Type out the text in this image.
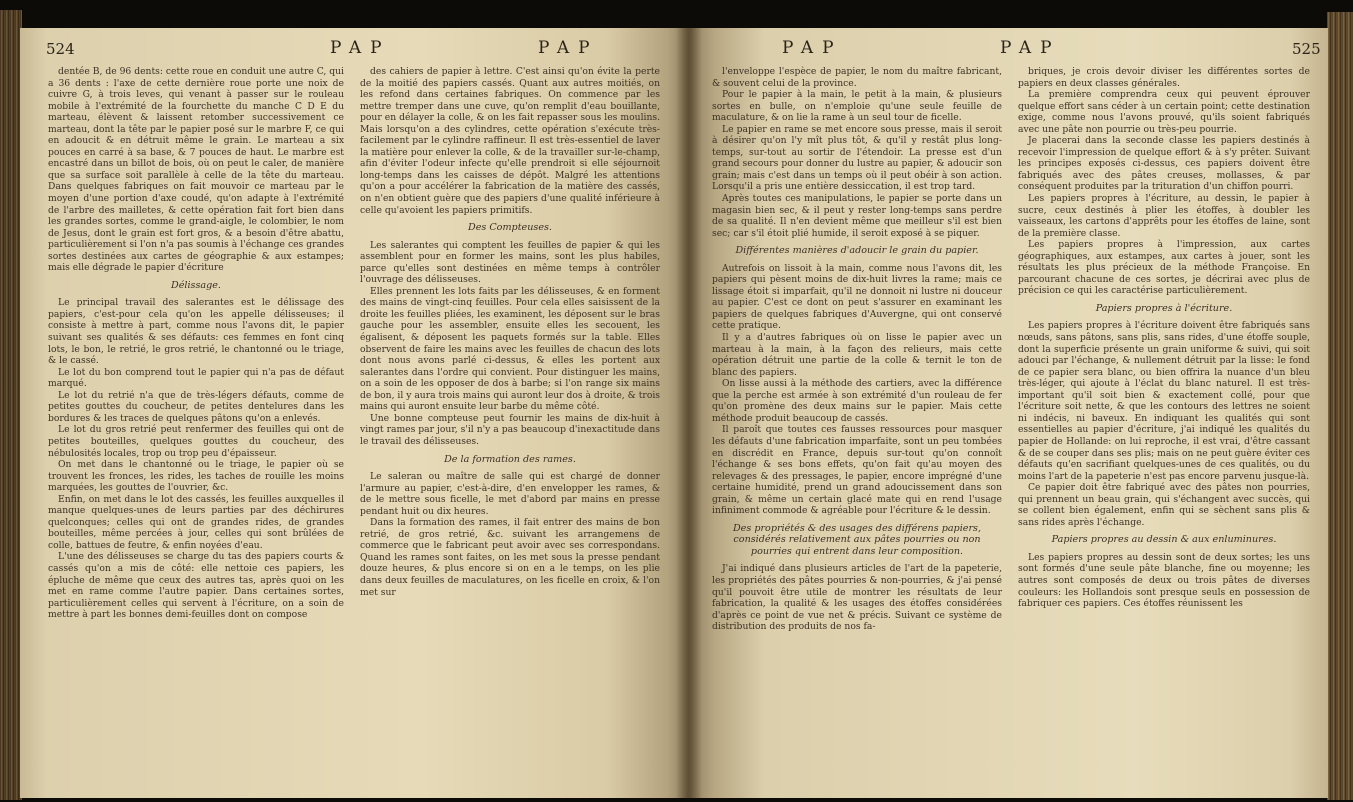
524	PAP	PAP	PAP	PAP	525

dentée B, de 96 dents: cette roue en conduit une autre C, qui a 36 dents : l'axe de cette dernière roue porte une noix de cuivre G, à trois leves, qui venant à passer sur le rouleau mobile à l'extrémité de la fourchette du manche C D E du marteau, élèvent & laissent retomber successivement ce marteau, dont la tête par le papier posé sur le marbre F, ce qui en adoucit & en détruit même le grain. Le marteau a six pouces en carré à sa base, & 7 pouces de haut. Le marbre est encastré dans un billot de bois, où on peut le caler, de manière que sa surface soit parallèle à celle de la tête du marteau. Dans quelques fabriques on fait mouvoir ce marteau par le moyen d'une portion d'axe coudé, qu'on adapte à l'extrémité de l'arbre des mailletes, & cette opération fait fort bien dans les grandes sortes, comme le grand-aigle, le colombier, le nom de Jesus, dont le grain est fort gros, & a besoin d'être abattu, particulièrement si l'on n'a pas soumis à l'échange ces grandes sortes destinées aux cartes de géographie & aux estampes; mais elle dégrade le papier d'écriture

Délissage.

Le principal travail des salerantes est le délissage des papiers, c'est-pour cela qu'on les appelle délisseuses; il consiste à mettre à part, comme nous l'avons dit, le papier suivant ses qualités & ses défauts: ces femmes en font cinq lots, le bon, le retrié, le gros retrié, le chantonné ou le triage, & le cassé.

Le lot du bon comprend tout le papier qui n'a pas de défaut marqué.

Le lot du retrié n'a que de très-légers défauts, comme de petites gouttes du coucheur, de petites dentelures dans les bordures & les traces de quelques pâtons qu'on a enlevés.

Le lot du gros retrié peut renfermer des feuilles qui ont de petites bouteilles, quelques gouttes du coucheur, des nébulosités locales, trop ou trop peu d'épaisseur.

On met dans le chantonné ou le triage, le papier où se trouvent les fronces, les rides, les taches de rouille les moins marquées, les gouttes de l'ouvrier, &c.

Enfin, on met dans le lot des cassés, les feuilles auxquelles il manque quelques-unes de leurs parties par des déchirures quelconques; celles qui ont de grandes rides, de grandes bouteilles, même percées à jour, celles qui sont brûlées de colle, battues de feutre, & enfin noyées d'eau.

L'une des délisseuses se charge du tas des papiers courts & cassés qu'on a mis de côté: elle nettoie ces papiers, les épluche de même que ceux des autres tas, après quoi on les met en rame comme l'autre papier. Dans certaines sortes, particulièrement celles qui servent à l'écriture, on a soin de mettre à part les bonnes demi-feuilles dont on compose

des cahiers de papier à lettre. C'est ainsi qu'on évite la perte de la moitié des papiers cassés. Quant aux autres moitiés, on les refond dans certaines fabriques. On commence par les mettre tremper dans une cuve, qu'on remplit d'eau bouillante, pour en délayer la colle, & on les fait repasser sous les moulins. Mais lorsqu'on a des cylindres, cette opération s'exécute très-facilement par le cylindre raffineur. Il est très-essentiel de laver la matière pour enlever la colle, & de la travailler sur-le-champ, afin d'éviter l'odeur infecte qu'elle prendroit si elle séjournoit long-temps dans les caisses de dépôt. Malgré les attentions qu'on a pour accélérer la fabrication de la matière des cassés, on n'en obtient guère que des papiers d'une qualité inférieure à celle qu'avoient les papiers primitifs.

Des Compteuses.

Les salerantes qui comptent les feuilles de papier & qui les assemblent pour en former les mains, sont les plus habiles, parce qu'elles sont destinées en même temps à contrôler l'ouvrage des délisseuses.

Elles prennent les lots faits par les délisseuses, & en forment des mains de vingt-cinq feuilles. Pour cela elles saisissent de la droite les feuilles pliées, les examinent, les déposent sur le bras gauche pour les assembler, ensuite elles les secouent, les égalisent, & déposent les paquets formés sur la table. Elles observent de faire les mains avec les feuilles de chacun des lots dont nous avons parlé ci-dessus, & elles les portent aux salerantes dans l'ordre qui convient. Pour distinguer les mains, on a soin de les opposer de dos à barbe; si l'on range six mains de bon, il y aura trois mains qui auront leur dos à droite, & trois mains qui auront ensuite leur barbe du même côté.

Une bonne compteuse peut fournir les mains de dix-huit à vingt rames par jour, s'il n'y a pas beaucoup d'inexactitude dans le travail des délisseuses.

De la formation des rames.

Le saleran ou maître de salle qui est chargé de donner l'armure au papier, c'est-à-dire, d'en envelopper les rames, & de le mettre sous ficelle, le met d'abord par mains en presse pendant huit ou dix heures.

Dans la formation des rames, il fait entrer des mains de bon retrié, de gros retrié, &c. suivant les arrangemens de commerce que le fabricant peut avoir avec ses correspondans. Quand les rames sont faites, on les met sous la presse pendant douze heures, & plus encore si on en a le temps, on les plie dans deux feuilles de maculatures, on les ficelle en croix, & l'on met sur

l'enveloppe l'espèce de papier, le nom du maître fabricant, & souvent celui de la province.

Pour le papier à la main, le petit à la main, & plusieurs sortes en bulle, on n'emploie qu'une seule feuille de maculature, & on lie la rame à un seul tour de ficelle.

Le papier en rame se met encore sous presse, mais il seroit à désirer qu'on l'y mît plus tôt, & qu'il y restât plus long-temps, sur-tout au sortir de l'étendoir. La presse est d'un grand secours pour donner du lustre au papier, & adoucir son grain; mais c'est dans un temps où il peut obéir à son action. Lorsqu'il a pris une entière dessiccation, il est trop tard.

Après toutes ces manipulations, le papier se porte dans un magasin bien sec, & il peut y rester long-temps sans perdre de sa qualité. Il n'en devient même que meilleur s'il est bien sec; car s'il étoit plié humide, il seroit exposé à se piquer.

Différentes manières d'adoucir le grain du papier.

Autrefois on lissoit à la main, comme nous l'avons dit, les papiers qui pèsent moins de dix-huit livres la rame; mais ce lissage étoit si imparfait, qu'il ne donnoit ni lustre ni douceur au papier. C'est ce dont on peut s'assurer en examinant les papiers de quelques fabriques d'Auvergne, qui ont conservé cette pratique.

Il y a d'autres fabriques où on lisse le papier avec un marteau à la main, à la façon des relieurs, mais cette opération détruit une partie de la colle & ternit le ton de blanc des papiers.

On lisse aussi à la méthode des cartiers, avec la différence que la perche est armée à son extrémité d'un rouleau de fer qu'on promène des deux mains sur le papier. Mais cette méthode produit beaucoup de cassés.

Il paroît que toutes ces fausses ressources pour masquer les défauts d'une fabrication imparfaite, sont un peu tombées en discrédit en France, depuis sur-tout qu'on connoît l'échange & ses bons effets, qu'on fait qu'au moyen des relevages & des pressages, le papier, encore imprégné d'une certaine humidité, prend un grand adoucissement dans son grain, & même un certain glacé mate qui en rend l'usage infiniment commode & agréable pour l'écriture & le dessin.

Des propriétés & des usages des différens papiers, considérés relativement aux pâtes pourries ou non pourries qui entrent dans leur composition.

J'ai indiqué dans plusieurs articles de l'art de la papeterie, les propriétés des pâtes pourries & non-pourries, & j'ai pensé qu'il pouvoit être utile de montrer les résultats de leur fabrication, la qualité & les usages des étoffes considérées d'après ce point de vue net & précis. Suivant ce système de distribution des produits de nos fa-

briques, je crois devoir diviser les différentes sortes de papiers en deux classes générales.

La première comprendra ceux qui peuvent éprouver quelque effort sans céder à un certain point; cette destination exige, comme nous l'avons prouvé, qu'ils soient fabriqués avec une pâte non pourrie ou très-peu pourrie.

Je placerai dans la seconde classe les papiers destinés à recevoir l'impression de quelque effort & à s'y prêter. Suivant les principes exposés ci-dessus, ces papiers doivent être fabriqués avec des pâtes creuses, mollasses, & par conséquent produites par la trituration d'un chiffon pourri.

Les papiers propres à l'écriture, au dessin, le papier à sucre, ceux destinés à plier les étoffes, à doubler les vaisseaux, les cartons d'apprêts pour les étoffes de laine, sont de la première classe.

Les papiers propres à l'impression, aux cartes géographiques, aux estampes, aux cartes à jouer, sont les résultats les plus précieux de la méthode Françoise. En parcourant chacune de ces sortes, je décrirai avec plus de précision ce qui les caractérise particulièrement.

Papiers propres à l'écriture.

Les papiers propres à l'écriture doivent être fabriqués sans nœuds, sans pâtons, sans plis, sans rides, d'une étoffe souple, dont la superficie présente un grain uniforme & suivi, qui soit adouci par l'échange, & nullement détruit par la lisse: le fond de ce papier sera blanc, ou bien offrira la nuance d'un bleu très-léger, qui ajoute à l'éclat du blanc naturel. Il est très-important qu'il soit bien & exactement collé, pour que l'écriture soit nette, & que les contours des lettres ne soient ni indécis, ni baveux. En indiquant les qualités qui sont essentielles au papier d'écriture, j'ai indiqué les qualités du papier de Hollande: on lui reproche, il est vrai, d'être cassant & de se couper dans ses plis; mais on ne peut guère éviter ces défauts qu'en sacrifiant quelques-unes de ces qualités, ou du moins l'art de la papeterie n'est pas encore parvenu jusque-là.

Ce papier doit être fabriqué avec des pâtes non pourries, qui prennent un beau grain, qui s'échangent avec succès, qui se collent bien également, enfin qui se sèchent sans plis & sans rides après l'échange.

Papiers propres au dessin & aux enluminures.

Les papiers propres au dessin sont de deux sortes; les uns sont formés d'une seule pâte blanche, fine ou moyenne; les autres sont composés de deux ou trois pâtes de diverses couleurs: les Hollandois sont presque seuls en possession de fabriquer ces papiers. Ces étoffes réunissent les
